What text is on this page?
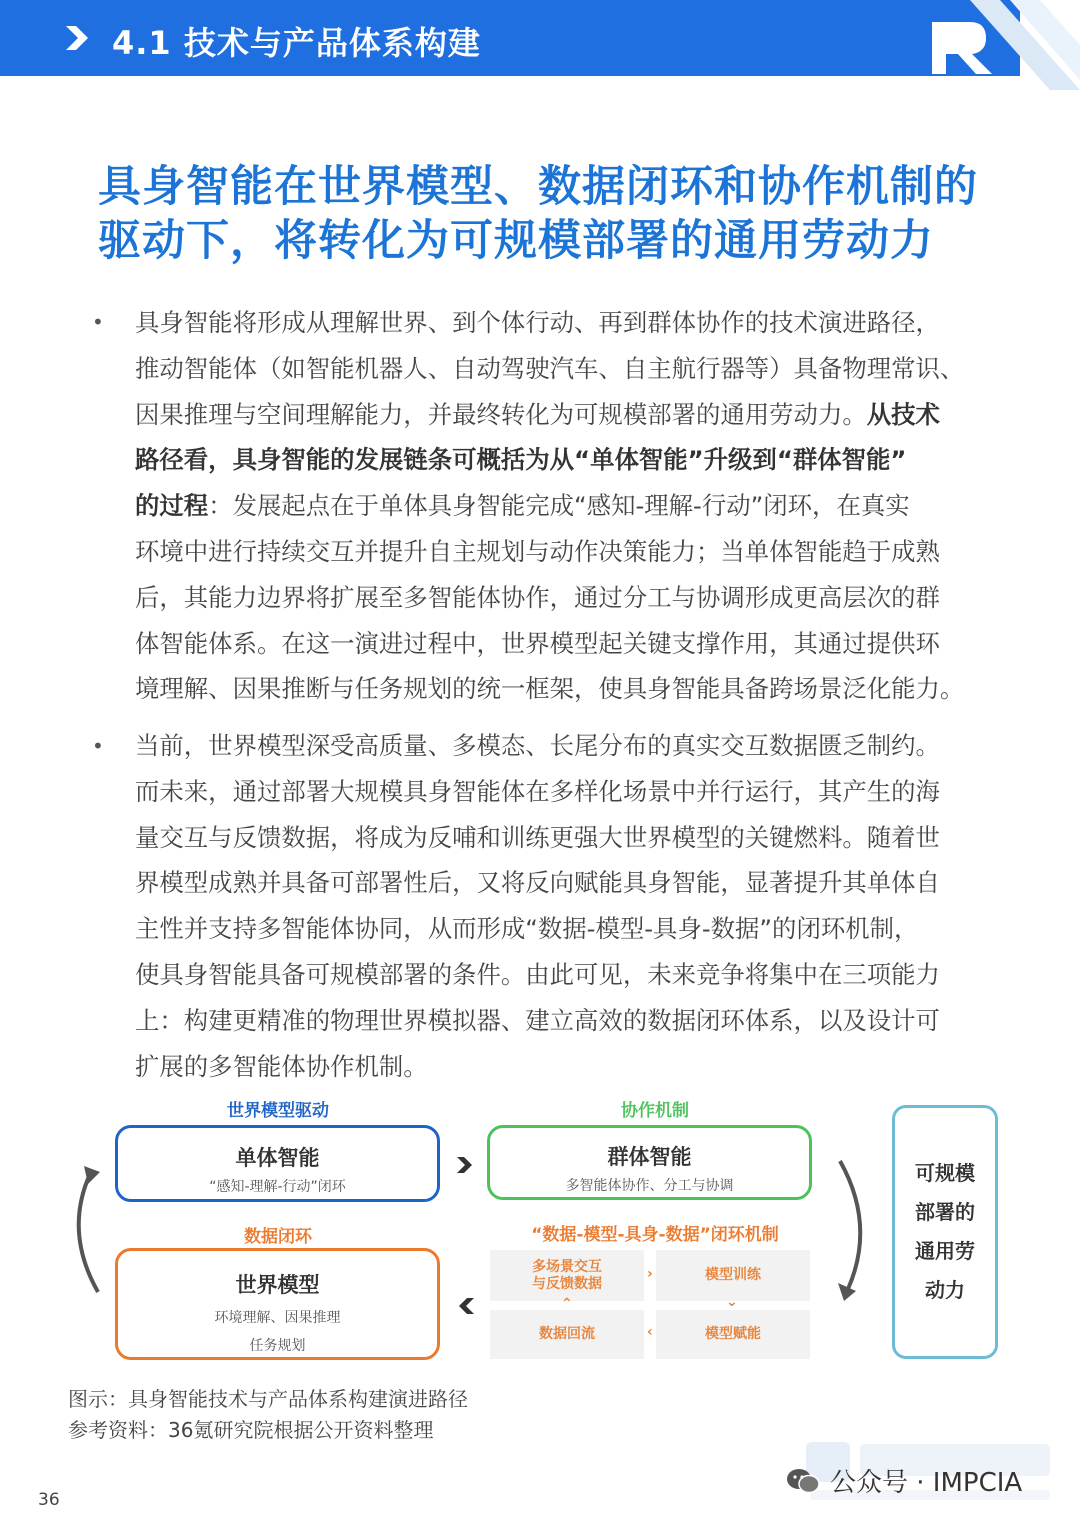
4.1 技术与产品体系构建
具身智能在世界模型、数据闭环和协作机制的
驱动下，将转化为可规模部署的通用劳动力
• 具身智能将形成从理解世界、到个体行动、再到群体协作的技术演进路径，
推动智能体（如智能机器人、自动驾驶汽车、自主航行器等）具备物理常识、
因果推理与空间理解能力，并最终转化为可规模部署的通用劳动力。从技术
路径看，具身智能的发展链条可概括为从“单体智能”升级到“群体智能”
的过程：发展起点在于单体具身智能完成“感知-理解-行动”闭环，在真实
环境中进行持续交互并提升自主规划与动作决策能力；当单体智能趋于成熟
后，其能力边界将扩展至多智能体协作，通过分工与协调形成更高层次的群
体智能体系。在这一演进过程中，世界模型起关键支撑作用，其通过提供环
境理解、因果推断与任务规划的统一框架，使具身智能具备跨场景泛化能力。
• 当前，世界模型深受高质量、多模态、长尾分布的真实交互数据匮乏制约。
而未来，通过部署大规模具身智能体在多样化场景中并行运行，其产生的海
量交互与反馈数据，将成为反哺和训练更强大世界模型的关键燃料。随着世
界模型成熟并具备可部署性后，又将反向赋能具身智能，显著提升其单体自
主性并支持多智能体协同，从而形成“数据-模型-具身-数据”的闭环机制，
使具身智能具备可规模部署的条件。由此可见，未来竞争将集中在三项能力
上：构建更精准的物理世界模拟器、建立高效的数据闭环体系，以及设计可
扩展的多智能体协作机制。
世界模型驱动	协作机制
数据闭环	“数据-模型-具身-数据”闭环机制
单体智能
“感知-理解-行动”闭环
群体智能
多智能体协作、分工与协调
世界模型
环境理解、因果推理
任务规划
多场景交互
与反馈数据
模型训练
数据回流	模型赋能
›
‹
⌃	⌄
可规模
部署的
通用劳
动力
图示：具身智能技术与产品体系构建演进路径
参考资料：36氪研究院根据公开资料整理
公众号 · IMPCIA
36
